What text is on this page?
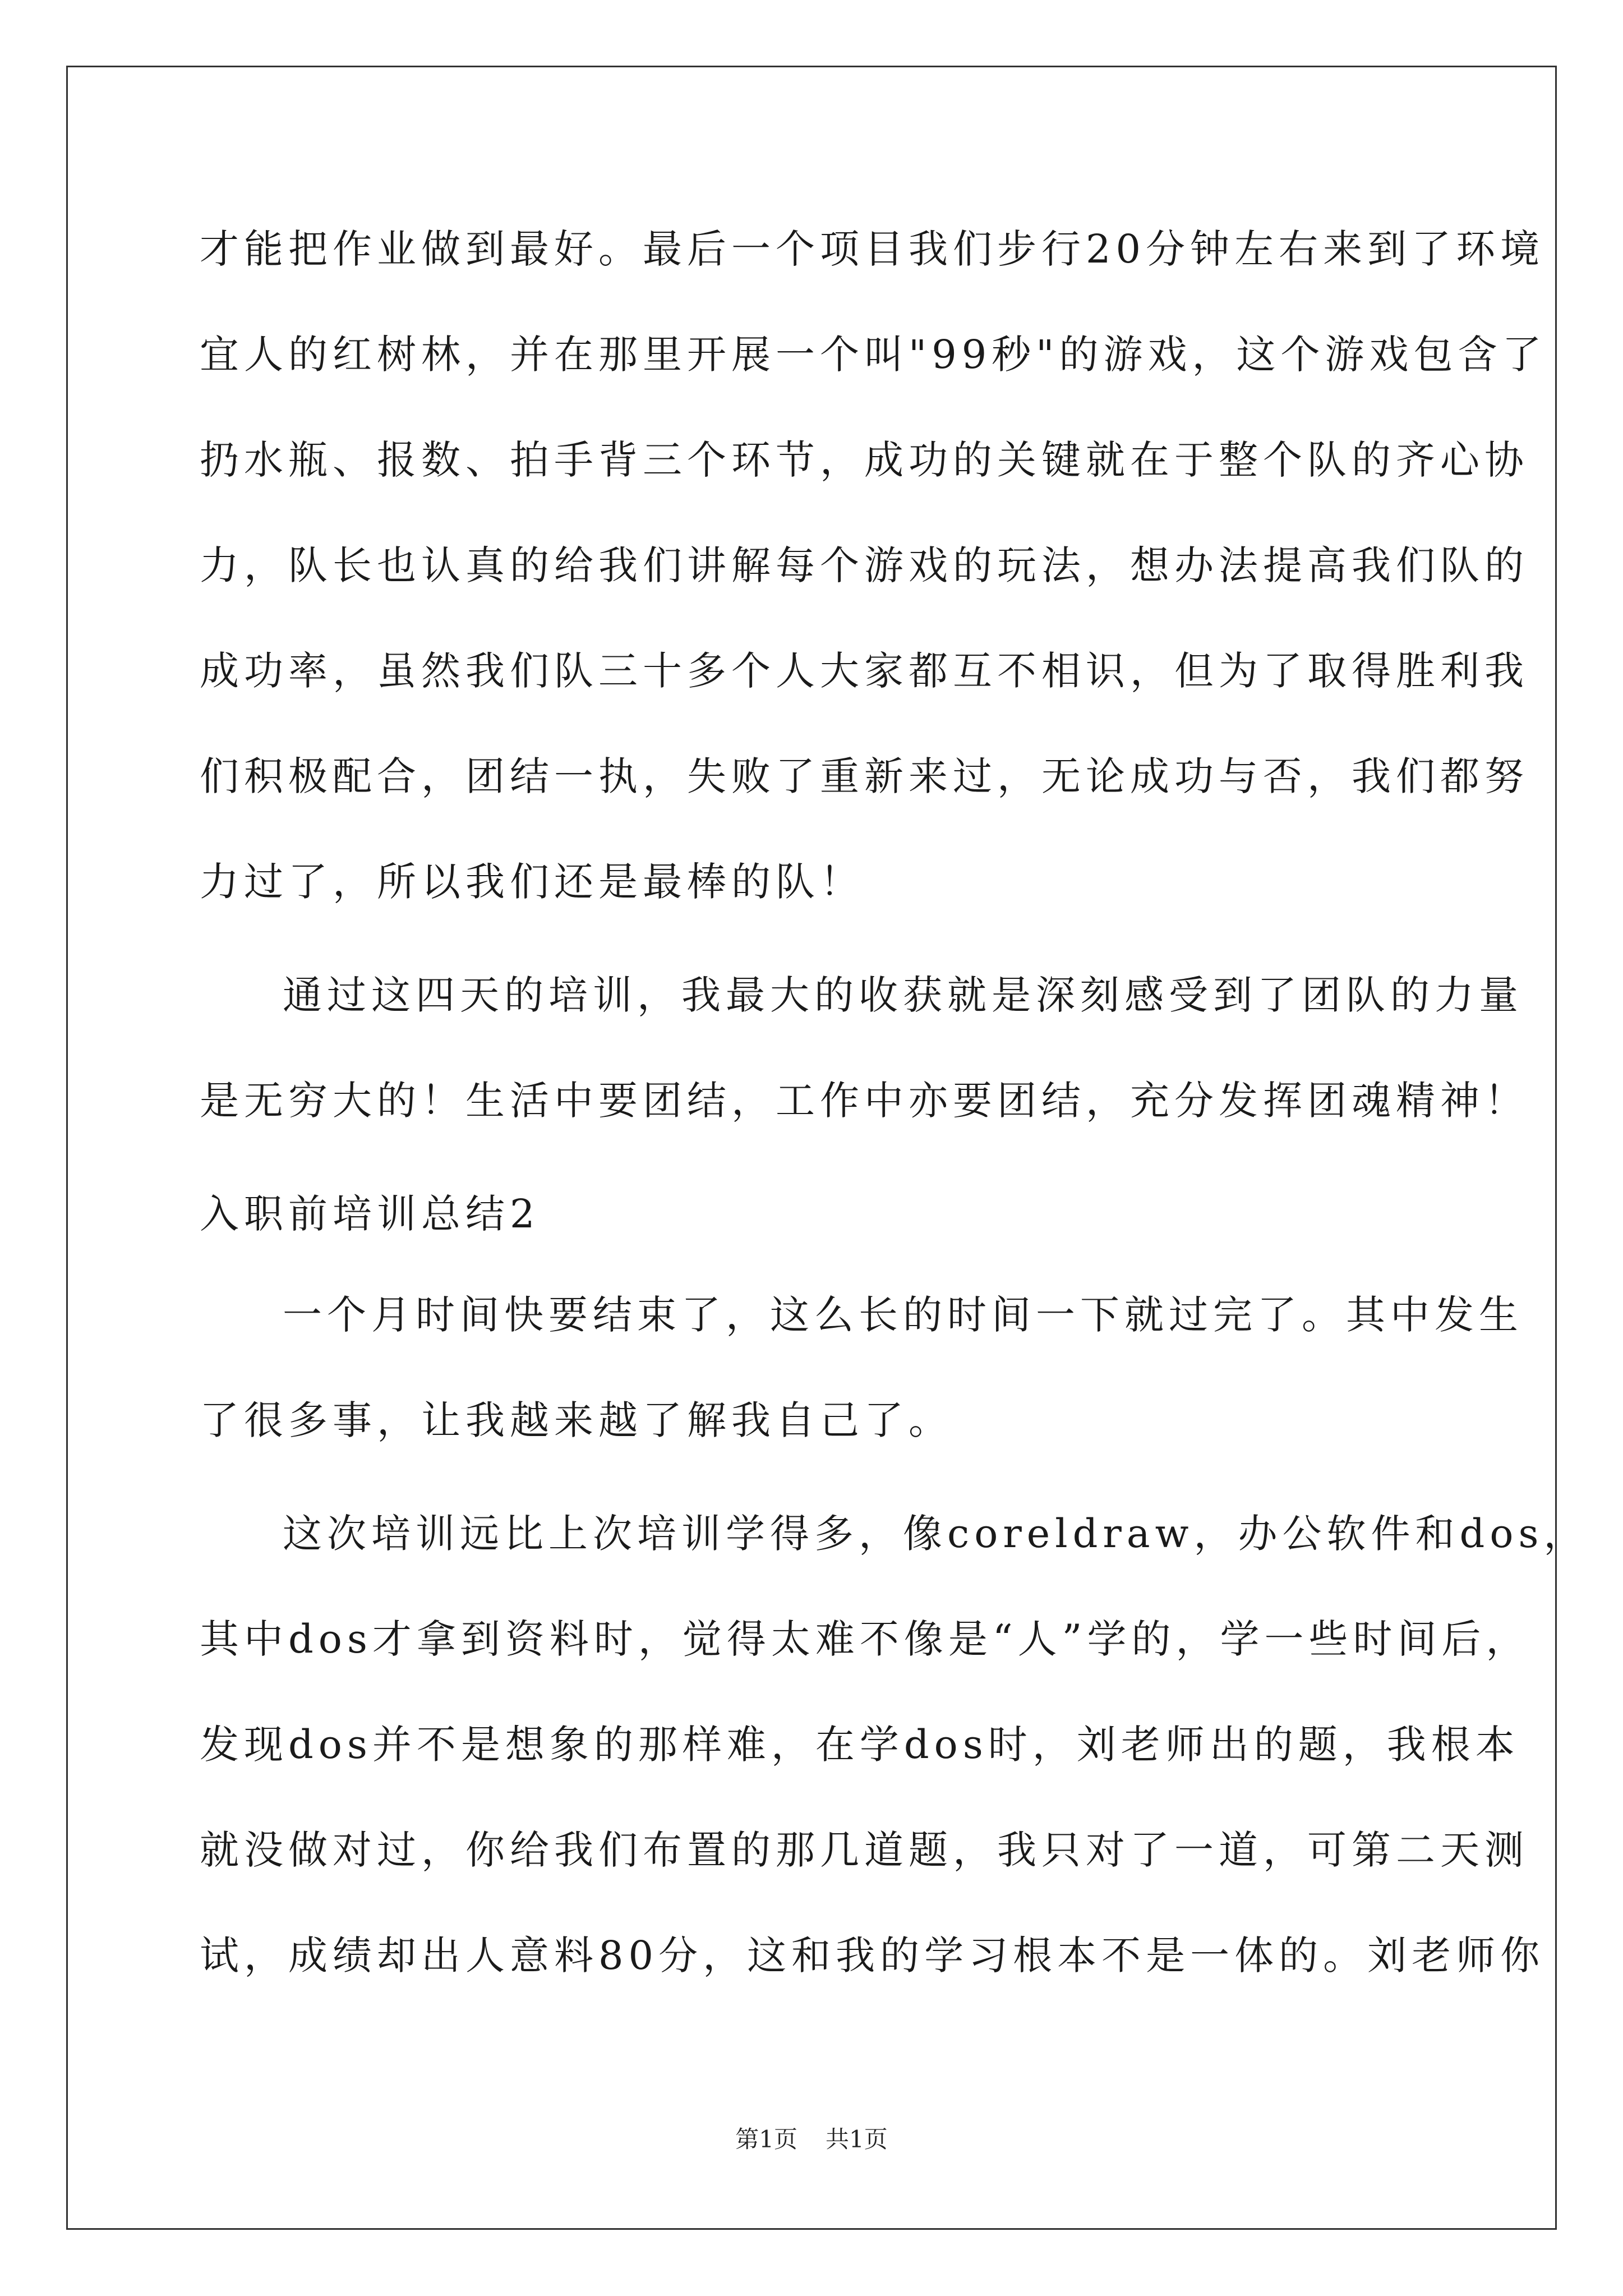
才能把作业做到最好。最后一个项目我们步行20分钟左右来到了环境
宜人的红树林，并在那里开展一个叫"99秒"的游戏，这个游戏包含了
扔水瓶、报数、拍手背三个环节，成功的关键就在于整个队的齐心协
力，队长也认真的给我们讲解每个游戏的玩法，想办法提高我们队的
成功率，虽然我们队三十多个人大家都互不相识，但为了取得胜利我
们积极配合，团结一执，失败了重新来过，无论成功与否，我们都努
力过了，所以我们还是最棒的队！
通过这四天的培训，我最大的收获就是深刻感受到了团队的力量
是无穷大的！生活中要团结，工作中亦要团结，充分发挥团魂精神！
入职前培训总结2
一个月时间快要结束了，这么长的时间一下就过完了。其中发生
了很多事，让我越来越了解我自己了。
这次培训远比上次培训学得多，像coreldraw，办公软件和dos，
其中dos才拿到资料时，觉得太难不像是“人”学的，学一些时间后，
发现dos并不是想象的那样难，在学dos时，刘老师出的题，我根本
就没做对过，你给我们布置的那几道题，我只对了一道，可第二天测
试，成绩却出人意料80分，这和我的学习根本不是一体的。刘老师你
第1页 共1页
